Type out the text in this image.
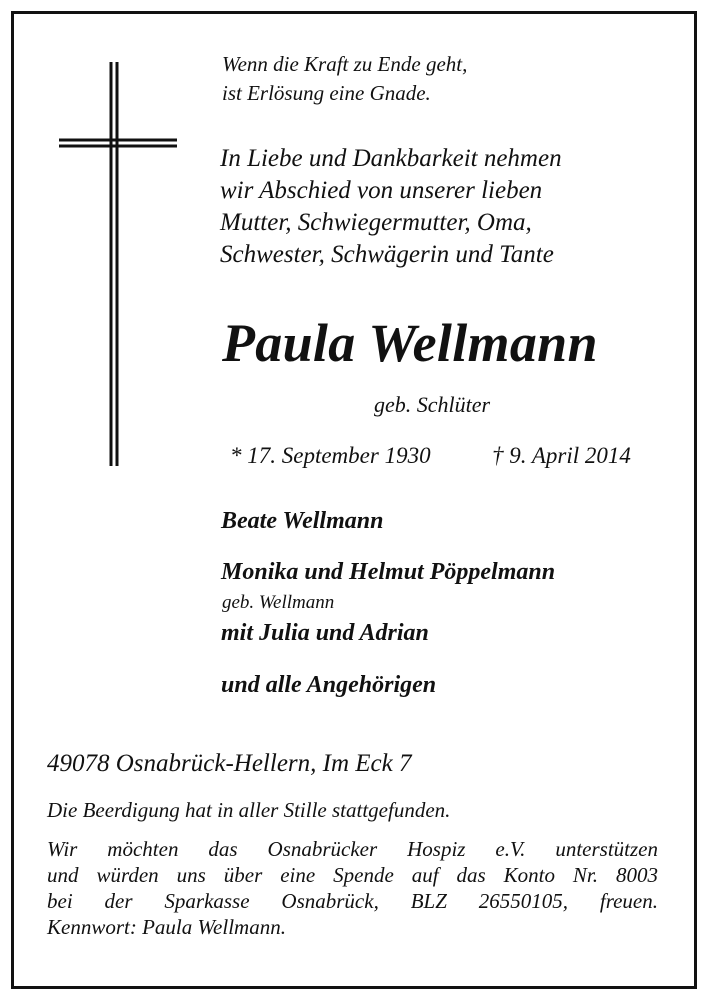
Wenn die Kraft zu Ende geht,
ist Erlösung eine Gnade.
In Liebe und Dankbarkeit nehmen
wir Abschied von unserer lieben
Mutter, Schwiegermutter, Oma,
Schwester, Schwägerin und Tante
Paula Wellmann
geb. Schlüter
* 17. September 1930	† 9. April 2014
Beate Wellmann
Monika und Helmut Pöppelmann
geb. Wellmann
mit Julia und Adrian
und alle Angehörigen
49078 Osnabrück-Hellern, Im Eck 7
Die Beerdigung hat in aller Stille stattgefunden.
Wir möchten das Osnabrücker Hospiz e.V. unterstützen
und würden uns über eine Spende auf das Konto Nr. 8003
bei der Sparkasse Osnabrück, BLZ 26550105, freuen.
Kennwort: Paula Wellmann.
